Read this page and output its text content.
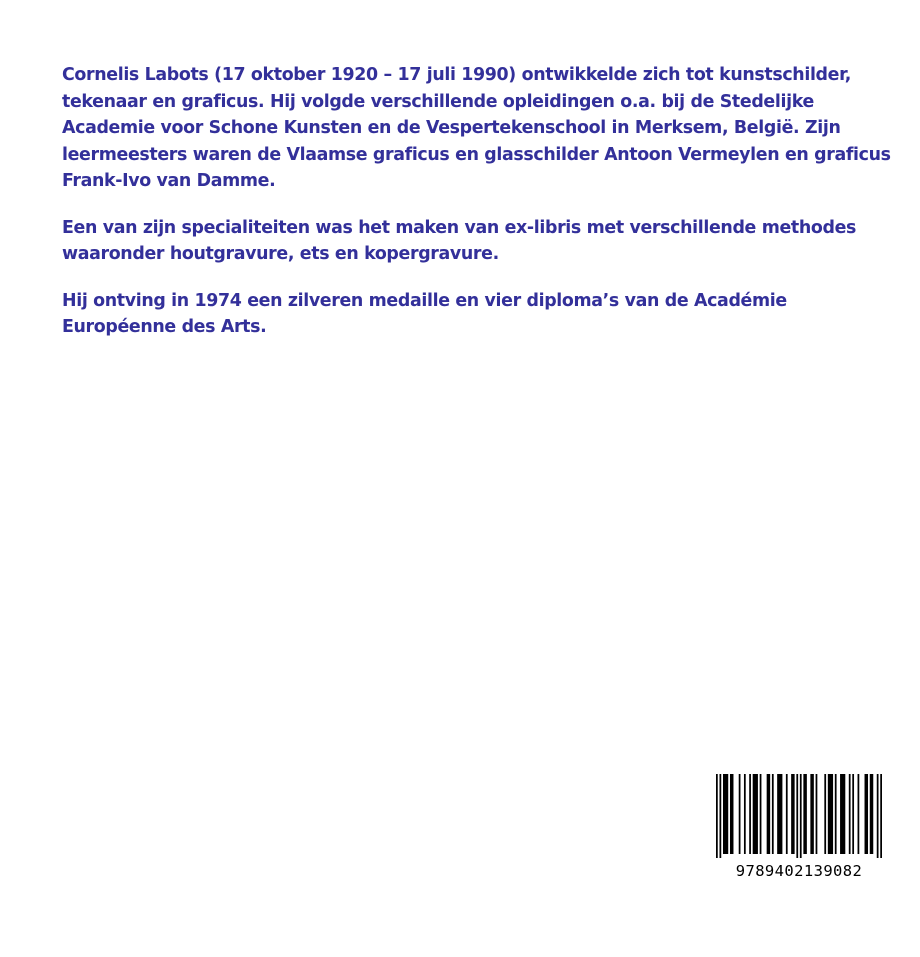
Cornelis Labots (17 oktober 1920 – 17 juli 1990) ontwikkelde zich tot kunstschilder, tekenaar en graficus. Hij volgde verschillende opleidingen o.a. bij de Stedelijke Academie voor Schone Kunsten en de Vespertekenschool in Merksem, België. Zijn leermeesters waren de Vlaamse graficus en glasschilder Antoon Vermeylen en graficus Frank-Ivo van Damme.

Een van zijn specialiteiten was het maken van ex-libris met verschillende methodes waaronder houtgravure, ets en kopergravure.

Hij ontving in 1974 een zilveren medaille en vier diploma’s van de Académie Européenne des Arts.

9789402139082
